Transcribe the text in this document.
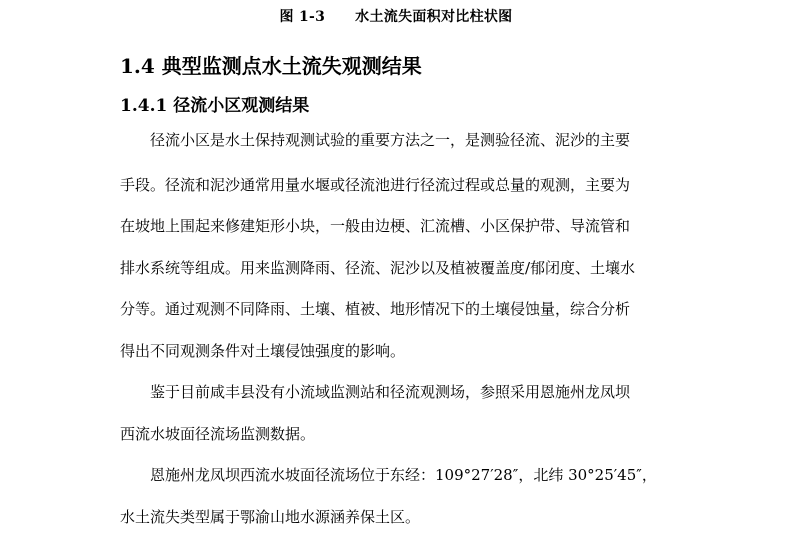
图 1-3 水土流失面积对比柱状图
1.4 典型监测点水土流失观测结果
1.4.1 径流小区观测结果
径流小区是水土保持观测试验的重要方法之一，是测验径流、泥沙的主要
手段。径流和泥沙通常用量水堰或径流池进行径流过程或总量的观测，主要为
在坡地上围起来修建矩形小块，一般由边梗、汇流槽、小区保护带、导流管和
排水系统等组成。用来监测降雨、径流、泥沙以及植被覆盖度/郁闭度、土壤水
分等。通过观测不同降雨、土壤、植被、地形情况下的土壤侵蚀量，综合分析
得出不同观测条件对土壤侵蚀强度的影响。
鉴于目前咸丰县没有小流域监测站和径流观测场，参照采用恩施州龙凤坝
西流水坡面径流场监测数据。
恩施州龙凤坝西流水坡面径流场位于东经：109°27′28″，北纬 30°25′45″，
水土流失类型属于鄂渝山地水源涵养保土区。
